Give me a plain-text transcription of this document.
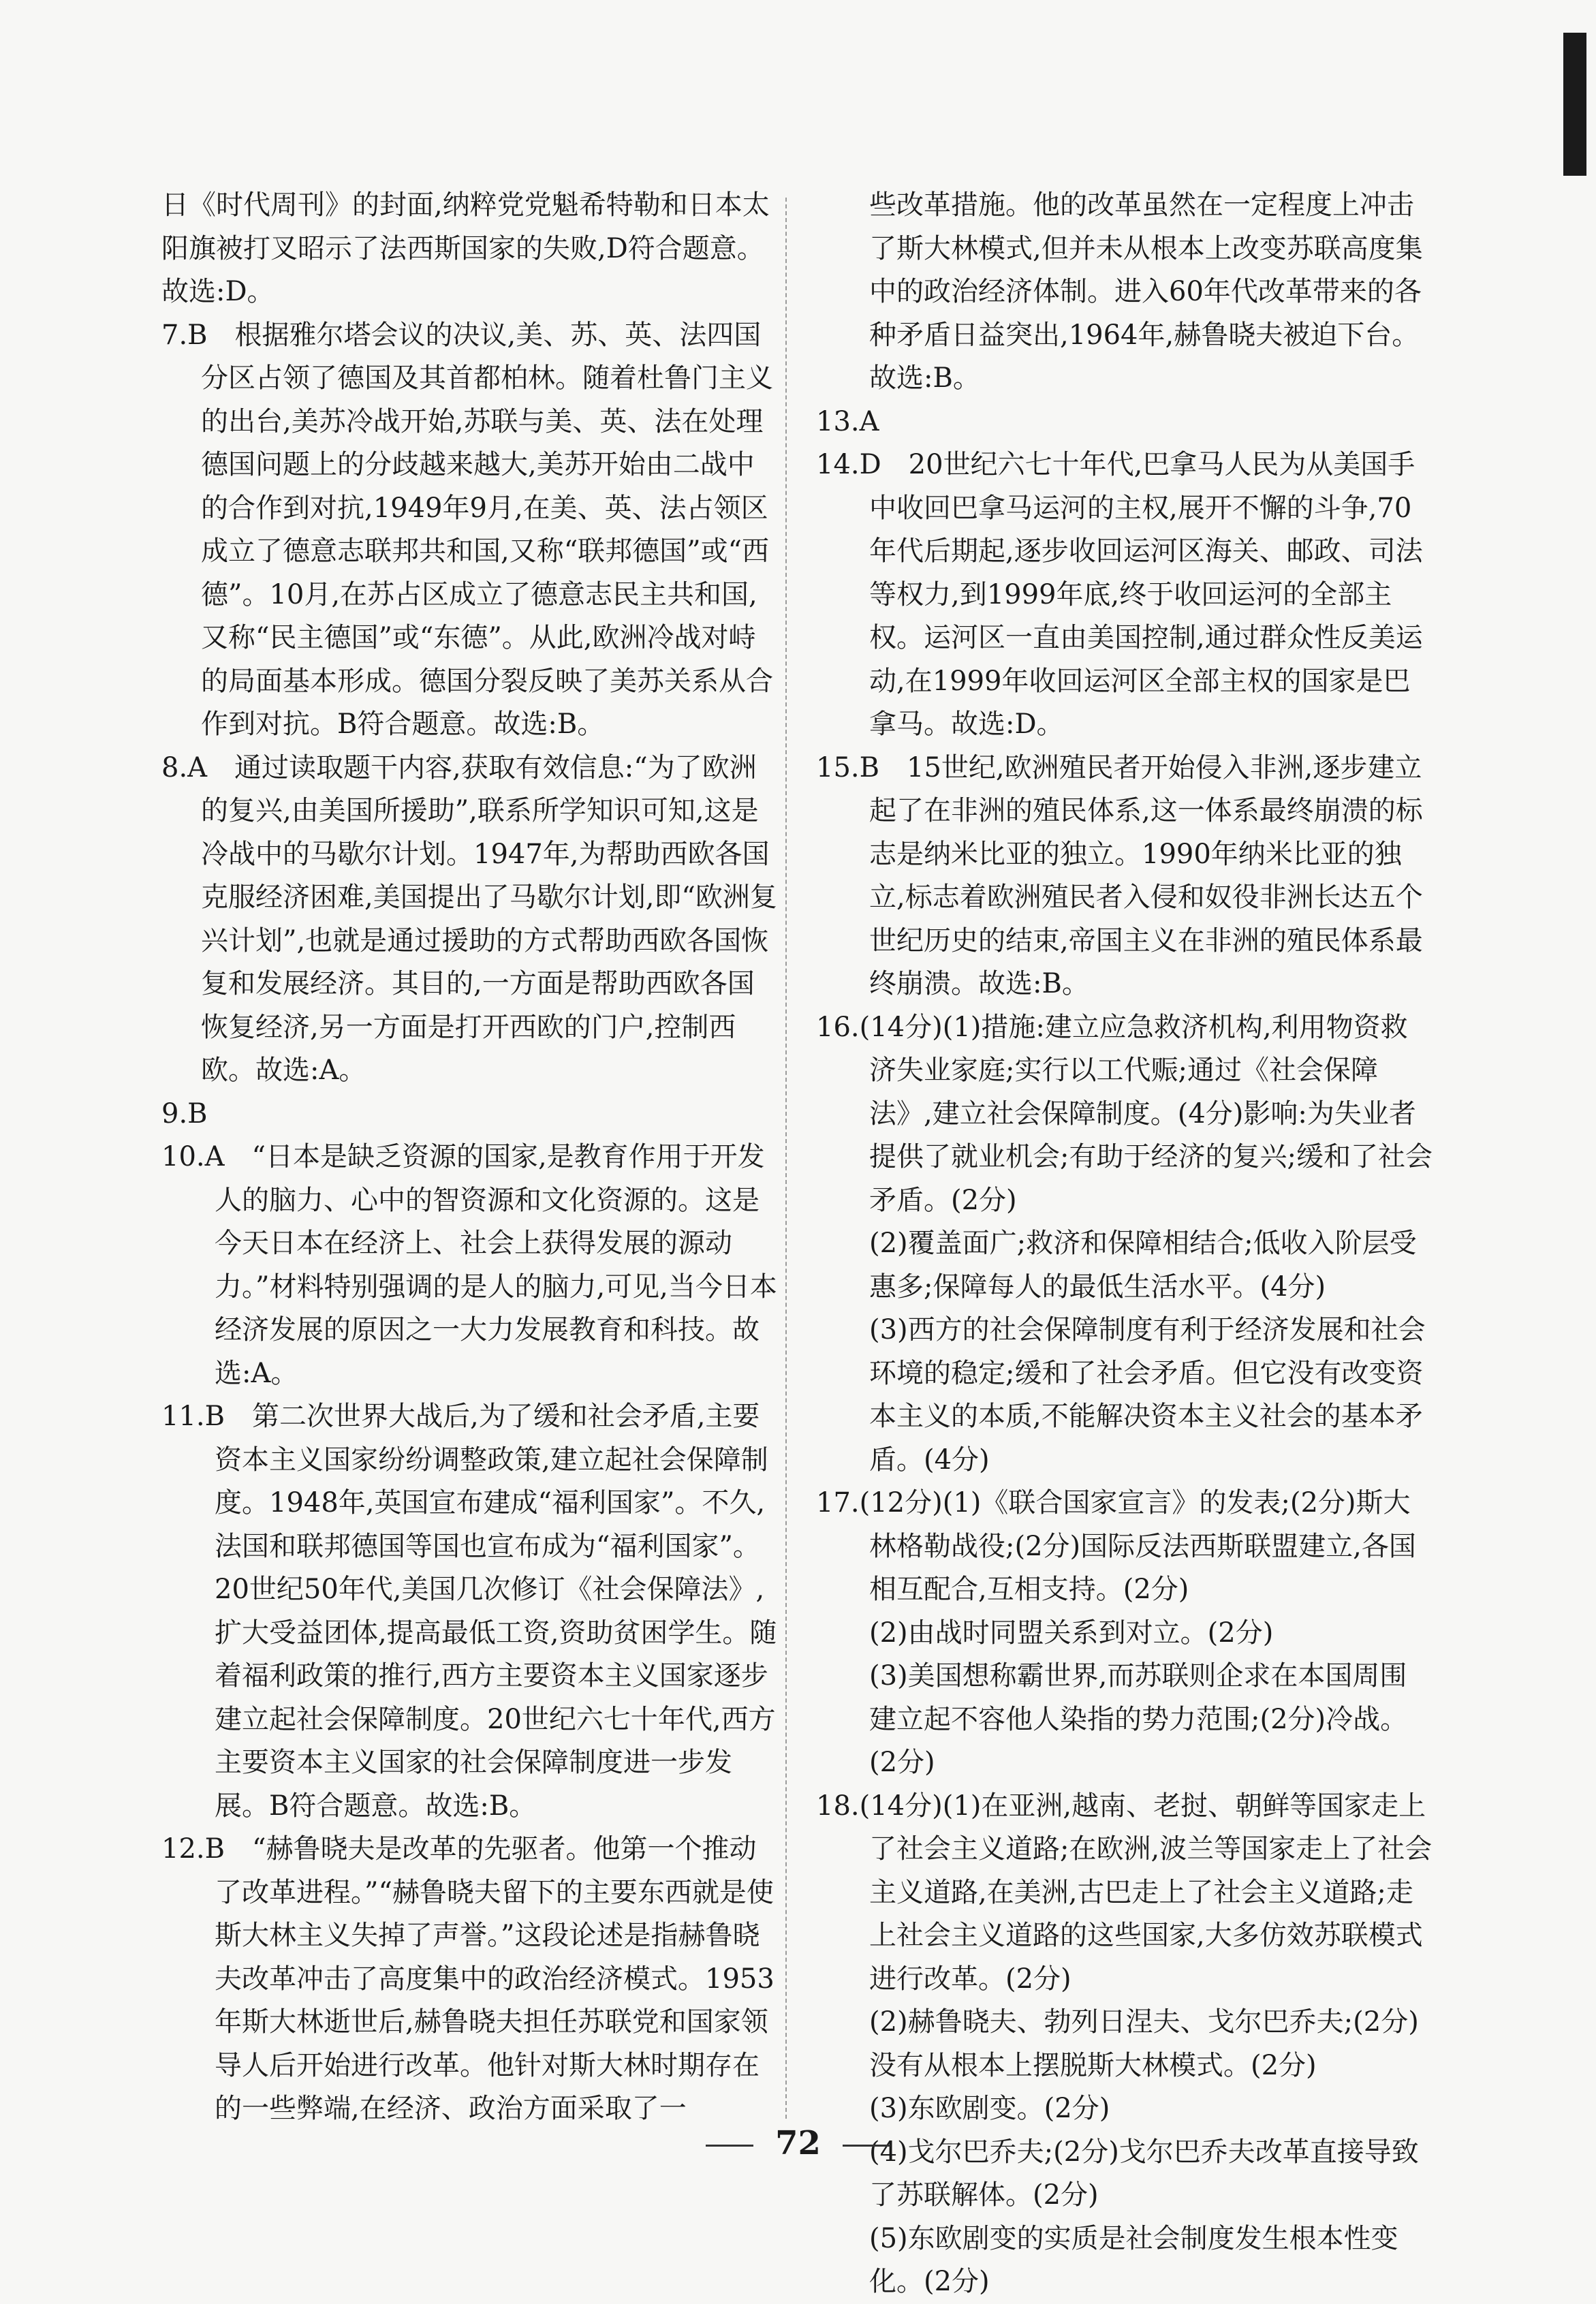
日《时代周刊》的封面,纳粹党党魁希特勒和日本太阳旗被打叉昭示了法西斯国家的失败,D符合题意。故选:D。
7.B　根据雅尔塔会议的决议,美、苏、英、法四国分区占领了德国及其首都柏林。随着杜鲁门主义的出台,美苏冷战开始,苏联与美、英、法在处理德国问题上的分歧越来越大,美苏开始由二战中的合作到对抗,1949年9月,在美、英、法占领区成立了德意志联邦共和国,又称“联邦德国”或“西德”。10月,在苏占区成立了德意志民主共和国,又称“民主德国”或“东德”。从此,欧洲冷战对峙的局面基本形成。德国分裂反映了美苏关系从合作到对抗。B符合题意。故选:B。
8.A　通过读取题干内容,获取有效信息:“为了欧洲的复兴,由美国所援助”,联系所学知识可知,这是冷战中的马歇尔计划。1947年,为帮助西欧各国克服经济困难,美国提出了马歇尔计划,即“欧洲复兴计划”,也就是通过援助的方式帮助西欧各国恢复和发展经济。其目的,一方面是帮助西欧各国恢复经济,另一方面是打开西欧的门户,控制西欧。故选:A。
9.B
10.A　“日本是缺乏资源的国家,是教育作用于开发人的脑力、心中的智资源和文化资源的。这是今天日本在经济上、社会上获得发展的源动力。”材料特别强调的是人的脑力,可见,当今日本经济发展的原因之一大力发展教育和科技。故选:A。
11.B　第二次世界大战后,为了缓和社会矛盾,主要资本主义国家纷纷调整政策,建立起社会保障制度。1948年,英国宣布建成“福利国家”。不久,法国和联邦德国等国也宣布成为“福利国家”。20世纪50年代,美国几次修订《社会保障法》,扩大受益团体,提高最低工资,资助贫困学生。随着福利政策的推行,西方主要资本主义国家逐步建立起社会保障制度。20世纪六七十年代,西方主要资本主义国家的社会保障制度进一步发展。B符合题意。故选:B。
12.B　“赫鲁晓夫是改革的先驱者。他第一个推动了改革进程。”“赫鲁晓夫留下的主要东西就是使斯大林主义失掉了声誉。”这段论述是指赫鲁晓夫改革冲击了高度集中的政治经济模式。1953年斯大林逝世后,赫鲁晓夫担任苏联党和国家领导人后开始进行改革。他针对斯大林时期存在的一些弊端,在经济、政治方面采取了一
些改革措施。他的改革虽然在一定程度上冲击了斯大林模式,但并未从根本上改变苏联高度集中的政治经济体制。进入60年代改革带来的各种矛盾日益突出,1964年,赫鲁晓夫被迫下台。故选:B。
13.A
14.D　20世纪六七十年代,巴拿马人民为从美国手中收回巴拿马运河的主权,展开不懈的斗争,70年代后期起,逐步收回运河区海关、邮政、司法等权力,到1999年底,终于收回运河的全部主权。运河区一直由美国控制,通过群众性反美运动,在1999年收回运河区全部主权的国家是巴拿马。故选:D。
15.B　15世纪,欧洲殖民者开始侵入非洲,逐步建立起了在非洲的殖民体系,这一体系最终崩溃的标志是纳米比亚的独立。1990年纳米比亚的独立,标志着欧洲殖民者入侵和奴役非洲长达五个世纪历史的结束,帝国主义在非洲的殖民体系最终崩溃。故选:B。
16.(14分)(1)措施:建立应急救济机构,利用物资救济失业家庭;实行以工代赈;通过《社会保障法》,建立社会保障制度。(4分)影响:为失业者提供了就业机会;有助于经济的复兴;缓和了社会矛盾。(2分)
(2)覆盖面广;救济和保障相结合;低收入阶层受惠多;保障每人的最低生活水平。(4分)
(3)西方的社会保障制度有利于经济发展和社会环境的稳定;缓和了社会矛盾。但它没有改变资本主义的本质,不能解决资本主义社会的基本矛盾。(4分)
17.(12分)(1)《联合国家宣言》的发表;(2分)斯大林格勒战役;(2分)国际反法西斯联盟建立,各国相互配合,互相支持。(2分)
(2)由战时同盟关系到对立。(2分)
(3)美国想称霸世界,而苏联则企求在本国周围建立起不容他人染指的势力范围;(2分)冷战。(2分)
18.(14分)(1)在亚洲,越南、老挝、朝鲜等国家走上了社会主义道路;在欧洲,波兰等国家走上了社会主义道路,在美洲,古巴走上了社会主义道路;走上社会主义道路的这些国家,大多仿效苏联模式进行改革。(2分)
(2)赫鲁晓夫、勃列日涅夫、戈尔巴乔夫;(2分)没有从根本上摆脱斯大林模式。(2分)
(3)东欧剧变。(2分)
(4)戈尔巴乔夫;(2分)戈尔巴乔夫改革直接导致了苏联解体。(2分)
(5)东欧剧变的实质是社会制度发生根本性变化。(2分)
72
